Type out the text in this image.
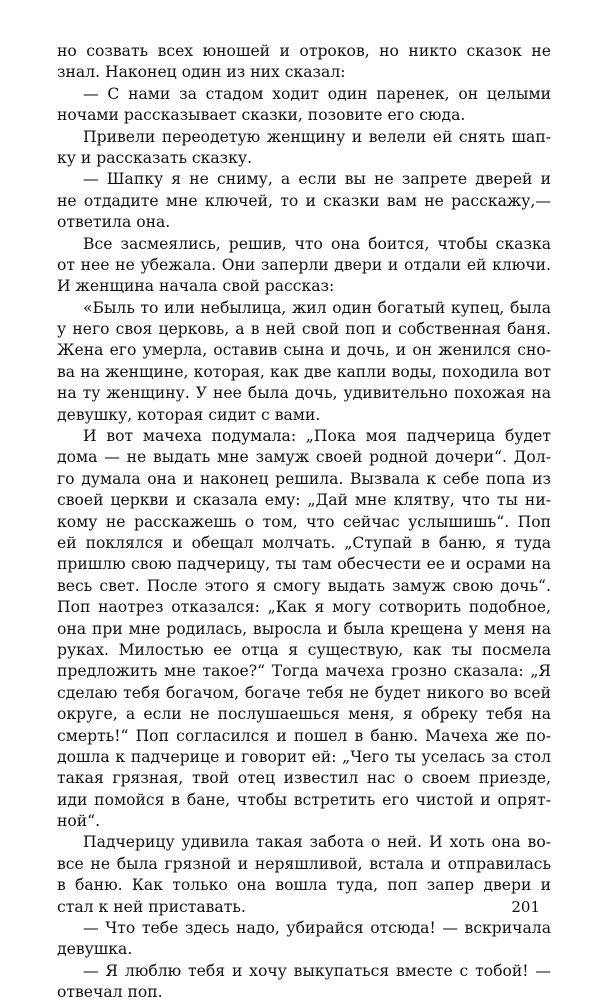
но созвать всех юношей и отроков, но никто сказок не
знал. Наконец один из них сказал:
— С нами за стадом ходит один паренек, он целыми
ночами рассказывает сказки, позовите его сюда.
Привели переодетую женщину и велели ей снять шап-
ку и рассказать сказку.
— Шапку я не сниму, а если вы не запрете дверей и
не отдадите мне ключей, то и сказки вам не расскажу,—
ответила она.
Все засмеялись, решив, что она боится, чтобы сказка
от нее не убежала. Они заперли двери и отдали ей ключи.
И женщина начала свой рассказ:
«Быль то или небылица, жил один богатый купец, была
у него своя церковь, а в ней свой поп и собственная баня.
Жена его умерла, оставив сына и дочь, и он женился сно-
ва на женщине, которая, как две капли воды, походила вот
на ту женщину. У нее была дочь, удивительно похожая на
девушку, которая сидит с вами.
И вот мачеха подумала: „Пока моя падчерица будет
дома — не выдать мне замуж своей родной дочери“. Дол-
го думала она и наконец решила. Вызвала к себе попа из
своей церкви и сказала ему: „Дай мне клятву, что ты ни-
кому не расскажешь о том, что сейчас услышишь“. Поп
ей поклялся и обещал молчать. „Ступай в баню, я туда
пришлю свою падчерицу, ты там обесчести ее и осрами на
весь свет. После этого я смогу выдать замуж свою дочь“.
Поп наотрез отказался: „Как я могу сотворить подобное,
она при мне родилась, выросла и была крещена у меня на
руках. Милостью ее отца я существую, как ты посмела
предложить мне такое?“ Тогда мачеха грозно сказала: „Я
сделаю тебя богачом, богаче тебя не будет никого во всей
округе, а если не послушаешься меня, я обреку тебя на
смерть!“ Поп согласился и пошел в баню. Мачеха же по-
дошла к падчерице и говорит ей: „Чего ты уселась за стол
такая грязная, твой отец известил нас о своем приезде,
иди помойся в бане, чтобы встретить его чистой и опрят-
ной“.
Падчерицу удивила такая забота о ней. И хоть она во-
все не была грязной и неряшливой, встала и отправилась
в баню. Как только она вошла туда, поп запер двери и
стал к ней приставать.
— Что тебе здесь надо, убирайся отсюда! — вскричала
девушка.
— Я люблю тебя и хочу выкупаться вместе с тобой! —
отвечал поп.
201
